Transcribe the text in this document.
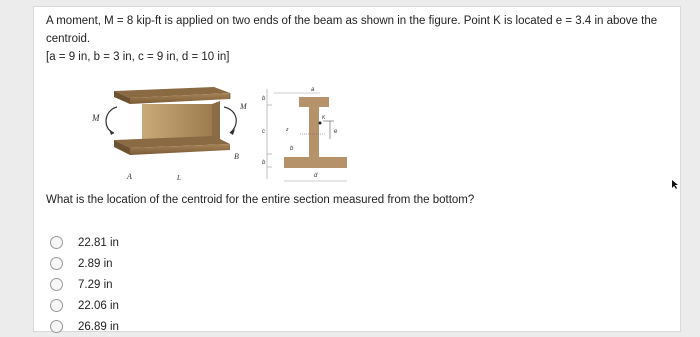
A moment, M = 8 kip-ft is applied on two ends of the beam as shown in the figure. Point K is located e = 3.4 in above the centroid.

[a = 9 in, b = 3 in, c = 9 in, d = 10 in]

M
M
A
B
L
a
b
c
b
b
d
e
K
z
What is the location of the centroid for the entire section measured from the bottom?
22.81 in
2.89 in
7.29 in
22.06 in
26.89 in
